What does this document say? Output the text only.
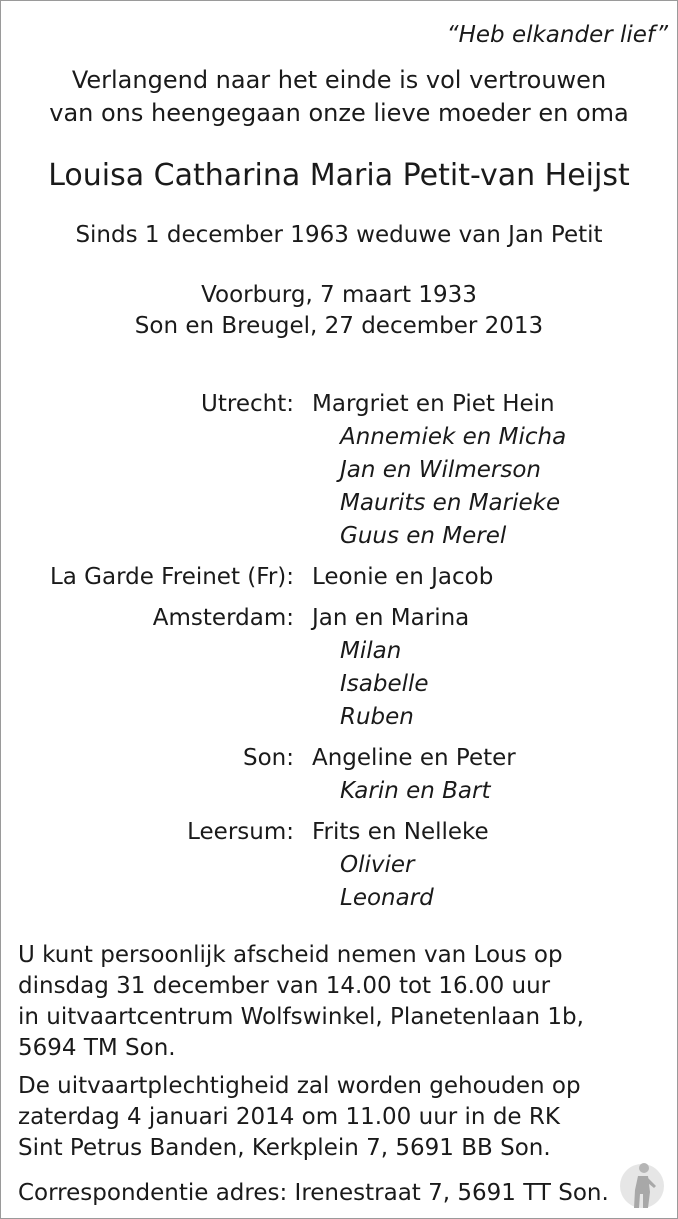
“Heb elkander lief”
Verlangend naar het einde is vol vertrouwen
van ons heengegaan onze lieve moeder en oma
Louisa Catharina Maria Petit-van Heijst
Sinds 1 december 1963 weduwe van Jan Petit
Voorburg, 7 maart 1933
Son en Breugel, 27 december 2013
Utrecht: Margriet en Piet Hein
Annemiek en Micha
Jan en Wilmerson
Maurits en Marieke
Guus en Merel
La Garde Freinet (Fr): Leonie en Jacob
Amsterdam: Jan en Marina
Milan
Isabelle
Ruben
Son: Angeline en Peter
Karin en Bart
Leersum: Frits en Nelleke
Olivier
Leonard
U kunt persoonlijk afscheid nemen van Lous op
dinsdag 31 december van 14.00 tot 16.00 uur
in uitvaartcentrum Wolfswinkel, Planetenlaan 1b,
5694 TM Son.
De uitvaartplechtigheid zal worden gehouden op
zaterdag 4 januari 2014 om 11.00 uur in de RK
Sint Petrus Banden, Kerkplein 7, 5691 BB Son.
Correspondentie adres: Irenestraat 7, 5691 TT Son.
